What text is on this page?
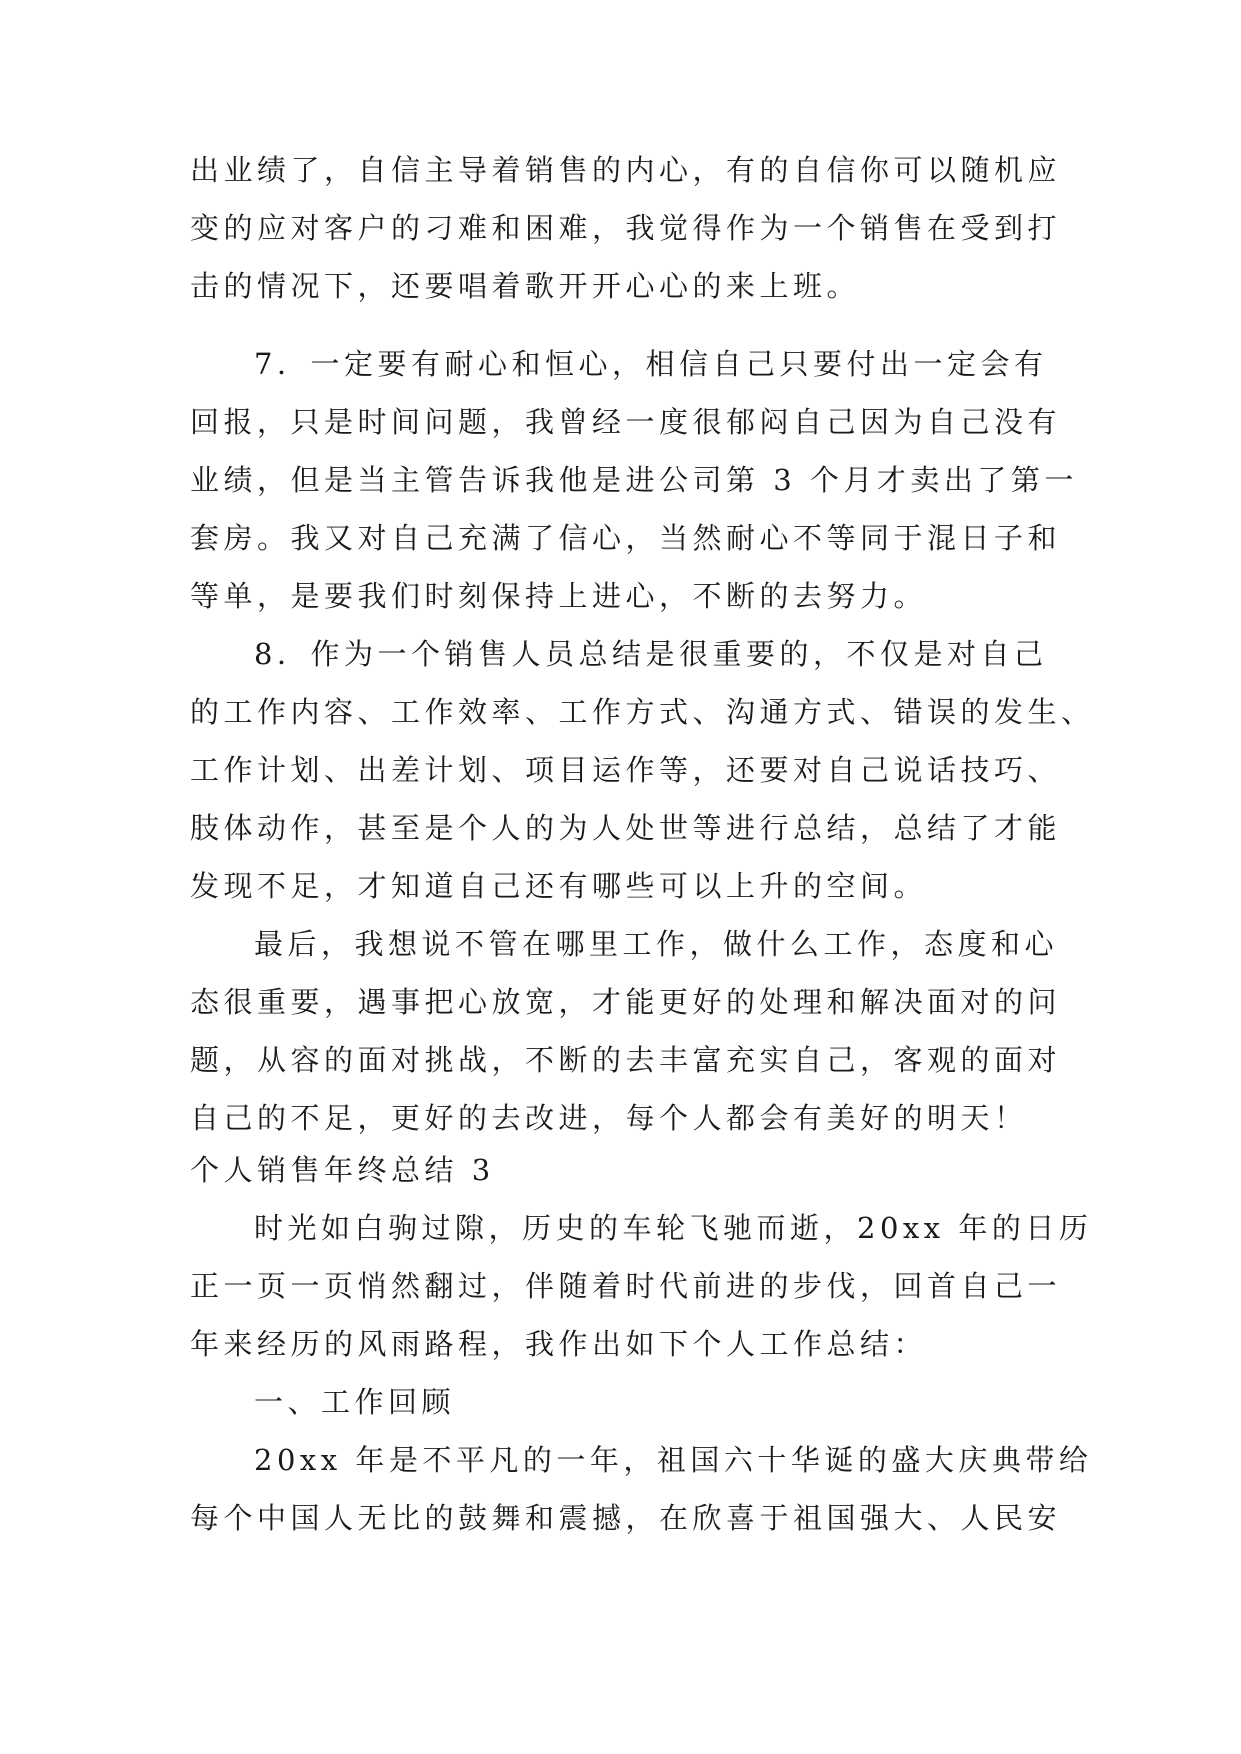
出业绩了，自信主导着销售的内心，有的自信你可以随机应
变的应对客户的刁难和困难，我觉得作为一个销售在受到打
击的情况下，还要唱着歌开开心心的来上班。
7．一定要有耐心和恒心，相信自己只要付出一定会有
回报，只是时间问题，我曾经一度很郁闷自己因为自己没有
业绩，但是当主管告诉我他是进公司第 3 个月才卖出了第一
套房。我又对自己充满了信心，当然耐心不等同于混日子和
等单，是要我们时刻保持上进心，不断的去努力。
8．作为一个销售人员总结是很重要的，不仅是对自己
的工作内容、工作效率、工作方式、沟通方式、错误的发生、
工作计划、出差计划、项目运作等，还要对自己说话技巧、
肢体动作，甚至是个人的为人处世等进行总结，总结了才能
发现不足，才知道自己还有哪些可以上升的空间。
最后，我想说不管在哪里工作，做什么工作，态度和心
态很重要，遇事把心放宽，才能更好的处理和解决面对的问
题，从容的面对挑战，不断的去丰富充实自己，客观的面对
自己的不足，更好的去改进，每个人都会有美好的明天！
个人销售年终总结 3
时光如白驹过隙，历史的车轮飞驰而逝，20xx 年的日历
正一页一页悄然翻过，伴随着时代前进的步伐，回首自己一
年来经历的风雨路程，我作出如下个人工作总结：
一、工作回顾
20xx 年是不平凡的一年，祖国六十华诞的盛大庆典带给
每个中国人无比的鼓舞和震撼，在欣喜于祖国强大、人民安
